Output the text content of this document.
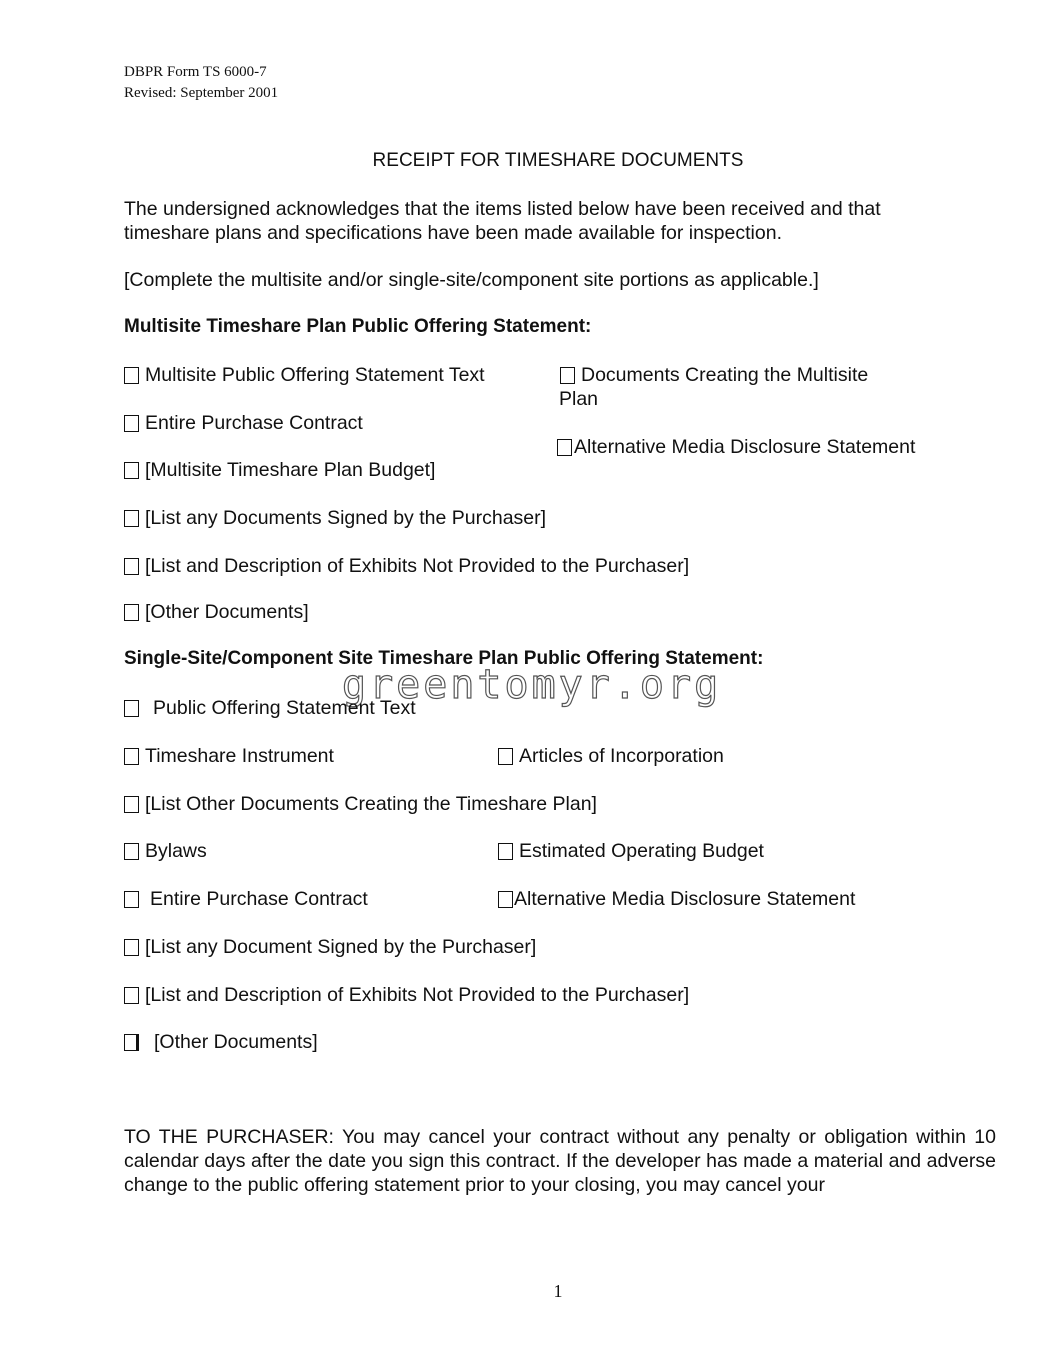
DBPR Form TS 6000-7
Revised: September 2001
RECEIPT FOR TIMESHARE DOCUMENTS
The undersigned acknowledges that the items listed below have been received and that timeshare plans and specifications have been made available for inspection.
[Complete the multisite and/or single-site/component site portions as applicable.]
Multisite Timeshare Plan Public Offering Statement:
Multisite Public Offering Statement Text	Documents Creating the Multisite
Plan
Entire Purchase Contract
Alternative Media Disclosure Statement
[Multisite Timeshare Plan Budget]
[List any Documents Signed by the Purchaser]
[List and Description of Exhibits Not Provided to the Purchaser]
[Other Documents]
Single-Site/Component Site Timeshare Plan Public Offering Statement:
greentomyr.org
Public Offering Statement Text
Timeshare Instrument	Articles of Incorporation
[List Other Documents Creating the Timeshare Plan]
Bylaws	Estimated Operating Budget
Entire Purchase Contract	Alternative Media Disclosure Statement
[List any Document Signed by the Purchaser]
[List and Description of Exhibits Not Provided to the Purchaser]
[Other Documents]
TO THE PURCHASER: You may cancel your contract without any penalty or obligation within 10 calendar days after the date you sign this contract. If the developer has made a material and adverse change to the public offering statement prior to your closing, you may cancel your
1
